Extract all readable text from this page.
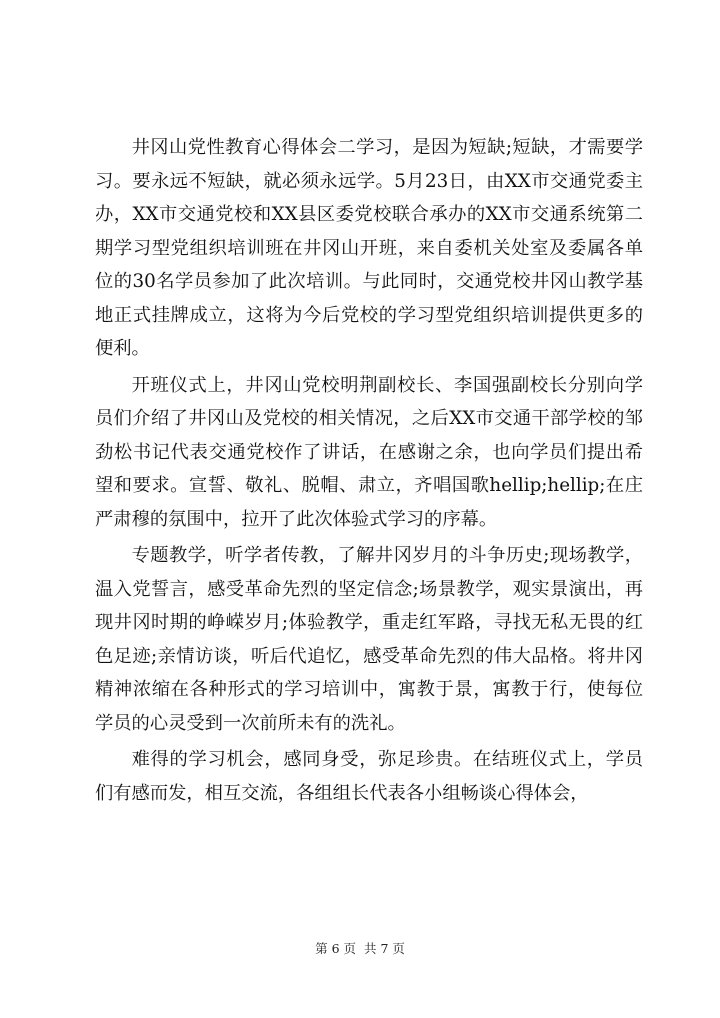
井冈山党性教育心得体会二学习，是因为短缺;短缺，才需要学习。要永远不短缺，就必须永远学。5月23日，由XX市交通党委主办，XX市交通党校和XX县区委党校联合承办的XX市交通系统第二期学习型党组织培训班在井冈山开班，来自委机关处室及委属各单位的30名学员参加了此次培训。与此同时，交通党校井冈山教学基地正式挂牌成立，这将为今后党校的学习型党组织培训提供更多的便利。

开班仪式上，井冈山党校明荆副校长、李国强副校长分别向学员们介绍了井冈山及党校的相关情况，之后XX市交通干部学校的邹劲松书记代表交通党校作了讲话，在感谢之余，也向学员们提出希望和要求。宣誓、敬礼、脱帽、肃立，齐唱国歌hellip;hellip;在庄严肃穆的氛围中，拉开了此次体验式学习的序幕。

专题教学，听学者传教，了解井冈岁月的斗争历史;现场教学，温入党誓言，感受革命先烈的坚定信念;场景教学，观实景演出，再现井冈时期的峥嵘岁月;体验教学，重走红军路，寻找无私无畏的红色足迹;亲情访谈，听后代追忆，感受革命先烈的伟大品格。将井冈精神浓缩在各种形式的学习培训中，寓教于景，寓教于行，使每位学员的心灵受到一次前所未有的洗礼。

难得的学习机会，感同身受，弥足珍贵。在结班仪式上，学员们有感而发，相互交流，各组组长代表各小组畅谈心得体会，

第 6 页  共 7 页
